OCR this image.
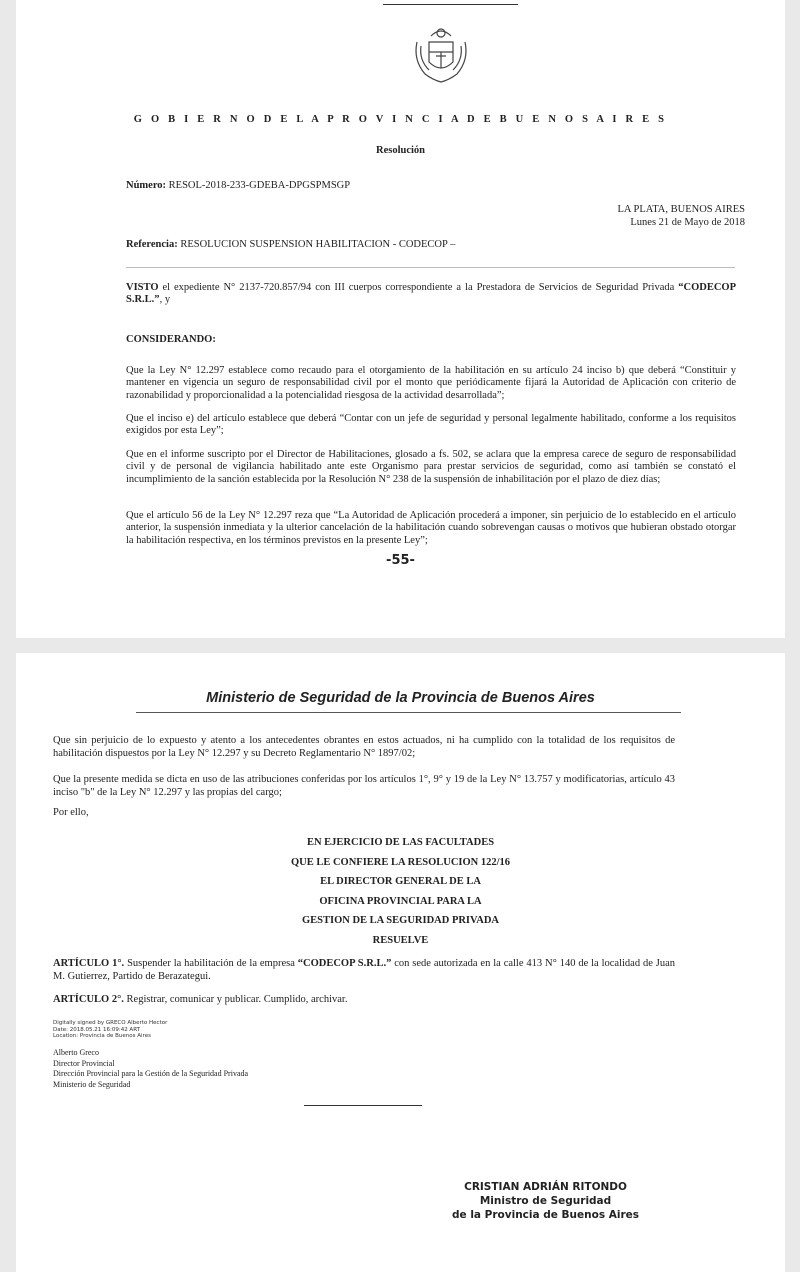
G O B I E R N O D E L A P R O V I N C I A D E B U E N O S A I R E S
Resolución
Número: RESOL-2018-233-GDEBA-DPGSPMSGP
LA PLATA, BUENOS AIRES
Lunes 21 de Mayo de 2018
Referencia: RESOLUCION SUSPENSION HABILITACION - CODECOP –
VISTO el expediente N° 2137-720.857/94 con III cuerpos correspondiente a la Prestadora de Servicios de Seguridad Privada “CODECOP S.R.L.”, y
CONSIDERANDO:
Que la Ley N° 12.297 establece como recaudo para el otorgamiento de la habilitación en su artículo 24 inciso b) que deberá “Constituir y mantener en vigencia un seguro de responsabilidad civil por el monto que periódicamente fijará la Autoridad de Aplicación con criterio de razonabilidad y proporcionalidad a la potencialidad riesgosa de la actividad desarrollada”;
Que el inciso e) del artículo establece que deberá “Contar con un jefe de seguridad y personal legalmente habilitado, conforme a los requisitos exigidos por esta Ley”;
Que en el informe suscripto por el Director de Habilitaciones, glosado a fs. 502, se aclara que la empresa carece de seguro de responsabilidad civil y de personal de vigilancia habilitado ante este Organismo para prestar servicios de seguridad, como así también se constató el incumplimiento de la sanción establecida por la Resolución N° 238 de la suspensión de inhabilitación por el plazo de diez días;
Que el artículo 56 de la Ley N° 12.297 reza que “La Autoridad de Aplicación procederá a imponer, sin perjuicio de lo establecido en el artículo anterior, la suspensión inmediata y la ulterior cancelación de la habilitación cuando sobrevengan causas o motivos que hubieran obstado otorgar la habilitación respectiva, en los términos previstos en la presente Ley”;
-55-
Ministerio de Seguridad de la Provincia de Buenos Aires
Que sin perjuicio de lo expuesto y atento a los antecedentes obrantes en estos actuados, ni ha cumplido con la totalidad de los requisitos de habilitación dispuestos por la Ley N° 12.297 y su Decreto Reglamentario N° 1897/02;
Que la presente medida se dicta en uso de las atribuciones conferidas por los artículos 1°, 9° y 19 de la Ley N° 13.757 y modificatorias, artículo 43 inciso "b" de la Ley N° 12.297 y las propias del cargo;
Por ello,
EN EJERCICIO DE LAS FACULTADES
QUE LE CONFIERE LA RESOLUCION 122/16
EL DIRECTOR GENERAL DE LA
OFICINA PROVINCIAL PARA LA
GESTION DE LA SEGURIDAD PRIVADA
RESUELVE
ARTÍCULO 1°. Suspender la habilitación de la empresa “CODECOP S.R.L.” con sede autorizada en la calle 413 N° 140 de la localidad de Juan M. Gutierrez, Partido de Berazategui.
ARTÍCULO 2°. Registrar, comunicar y publicar. Cumplido, archivar.
Digitally signed by GRECO Alberto Hector
Date: 2018.05.21 16:09:42 ART
Location: Provincia de Buenos Aires
Alberto Greco
Director Provincial
Dirección Provincial para la Gestión de la Seguridad Privada
Ministerio de Seguridad
CRISTIAN ADRIÁN RITONDO
Ministro de Seguridad
de la Provincia de Buenos Aires
